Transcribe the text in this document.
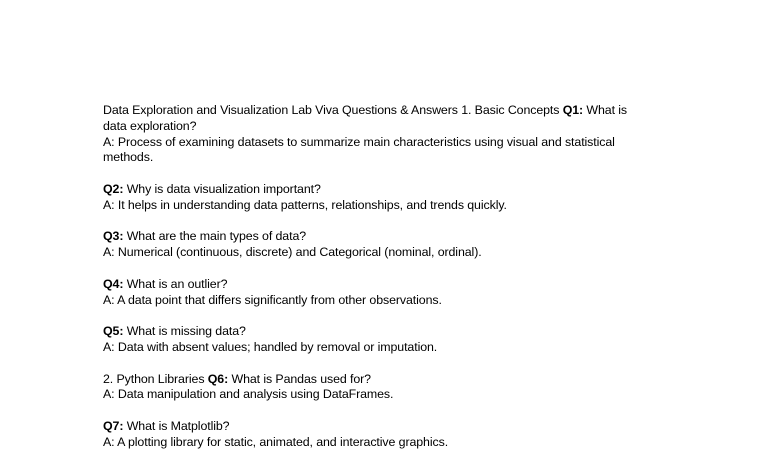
Data Exploration and Visualization Lab Viva Questions & Answers 1. Basic Concepts Q1: What is
data exploration?
A: Process of examining datasets to summarize main characteristics using visual and statistical
methods.
Q2: Why is data visualization important?
A: It helps in understanding data patterns, relationships, and trends quickly.
Q3: What are the main types of data?
A: Numerical (continuous, discrete) and Categorical (nominal, ordinal).
Q4: What is an outlier?
A: A data point that differs significantly from other observations.
Q5: What is missing data?
A: Data with absent values; handled by removal or imputation.
2. Python Libraries Q6: What is Pandas used for?
A: Data manipulation and analysis using DataFrames.
Q7: What is Matplotlib?
A: A plotting library for static, animated, and interactive graphics.
